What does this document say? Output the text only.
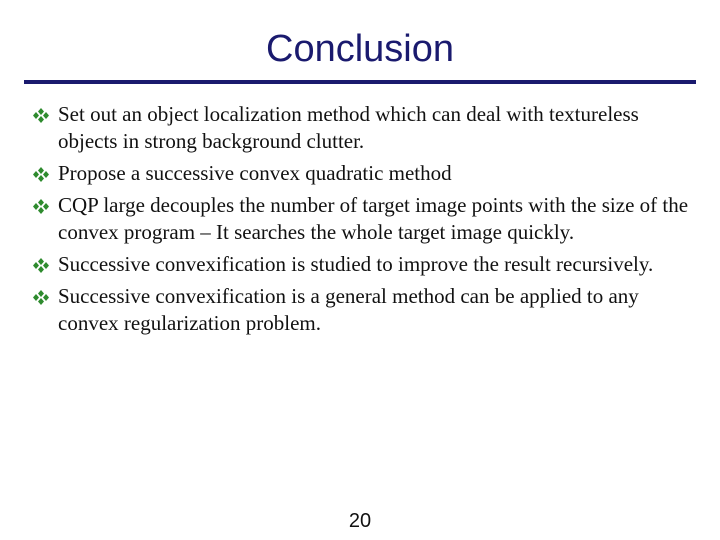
Conclusion
Set out an object localization method which can deal with textureless objects in strong background clutter.
Propose a successive convex quadratic method
CQP large decouples the number of target image points with the size of the convex program – It searches the whole target image quickly.
Successive convexification is studied to improve the result recursively.
Successive convexification is a general method can be applied to any convex regularization problem.
20
